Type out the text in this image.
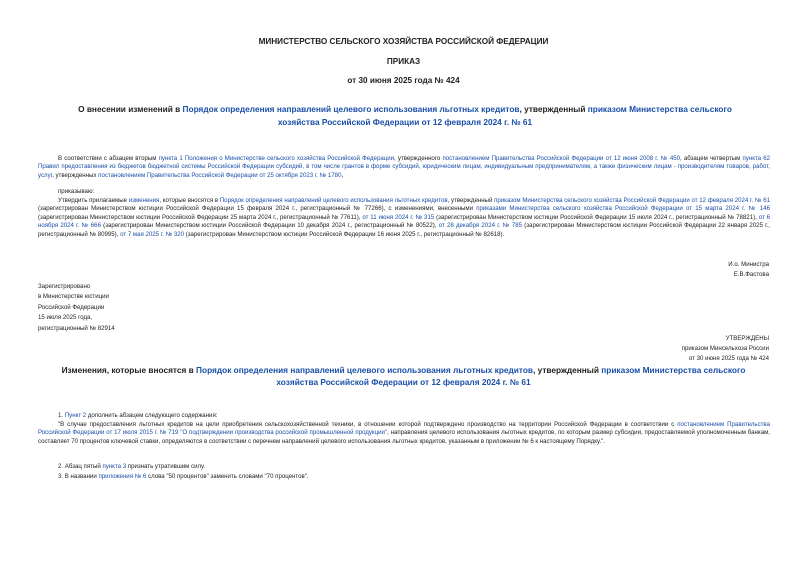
МИНИСТЕРСТВО СЕЛЬСКОГО ХОЗЯЙСТВА РОССИЙСКОЙ ФЕДЕРАЦИИ
ПРИКАЗ
от 30 июня 2025 года № 424
О внесении изменений в Порядок определения направлений целевого использования льготных кредитов, утвержденный приказом Министерства сельского хозяйства Российской Федерации от 12 февраля 2024 г. № 61
В соответствии с абзацем вторым пункта 1 Положения о Министерстве сельского хозяйства Российской Федерации, утвержденного постановлением Правительства Российской Федерации от 12 июня 2008 г. № 450, абзацем четвертым пункта 62 Правил предоставления из бюджетов бюджетной системы Российской Федерации субсидий, в том числе грантов в форме субсидий, юридическим лицам, индивидуальным предпринимателям, а также физическим лицам - производителям товаров, работ, услуг, утвержденных постановлением Правительства Российской Федерации от 25 октября 2023 г. № 1780,
приказываю:
Утвердить прилагаемые изменения, которые вносятся в Порядок определения направлений целевого использования льготных кредитов, утвержденный приказом Министерства сельского хозяйства Российской Федерации от 12 февраля 2024 г. № 61 (зарегистрирован Министерством юстиции Российской Федерации 15 февраля 2024 г., регистрационный № 77266), с изменениями, внесенными приказами Министерства сельского хозяйства Российской Федерации от 15 марта 2024 г. № 146 (зарегистрирован Министерством юстиции Российской Федерации 25 марта 2024 г., регистрационный № 77611), от 11 июня 2024 г. № 315 (зарегистрирован Министерством юстиции Российской Федерации 15 июля 2024 г., регистрационный № 78821), от 6 ноября 2024 г. № 666 (зарегистрирован Министерством юстиции Российской Федерации 10 декабря 2024 г., регистрационный № 80522), от 28 декабря 2024 г. № 785 (зарегистрирован Министерством юстиции Российской Федерации 22 января 2025 г., регистрационный № 80995), от 7 мая 2025 г. № 320 (зарегистрирован Министерством юстиции Российской Федерации 16 июня 2025 г., регистрационный № 82618).
И.о. Министра
Е.В.Фастова
Зарегистрировано
в Министерстве юстиции
Российской Федерации
15 июля 2025 года,
регистрационный № 82914
УТВЕРЖДЕНЫ
приказом Минсельхоза России
от 30 июня 2025 года № 424
Изменения, которые вносятся в Порядок определения направлений целевого использования льготных кредитов, утвержденный приказом Министерства сельского хозяйства Российской Федерации от 12 февраля 2024 г. № 61
1. Пункт 2 дополнить абзацем следующего содержания:
"В случае предоставления льготных кредитов на цели приобретения сельскохозяйственной техники, в отношении которой подтверждено производство на территории Российской Федерации в соответствии с постановлением Правительства Российской Федерации от 17 июля 2015 г. № 719 "О подтверждении производства российской промышленной продукции", направления целевого использования льготных кредитов, по которым размер субсидии, предоставляемой уполномоченным банкам, составляет 70 процентов ключевой ставки, определяются в соответствии с перечнем направлений целевого использования льготных кредитов, указанным в приложении № 6 к настоящему Порядку.".
2. Абзац пятый пункта 3 признать утратившим силу.
3. В названии приложения № 6 слова "50 процентов" заменить словами "70 процентов".
